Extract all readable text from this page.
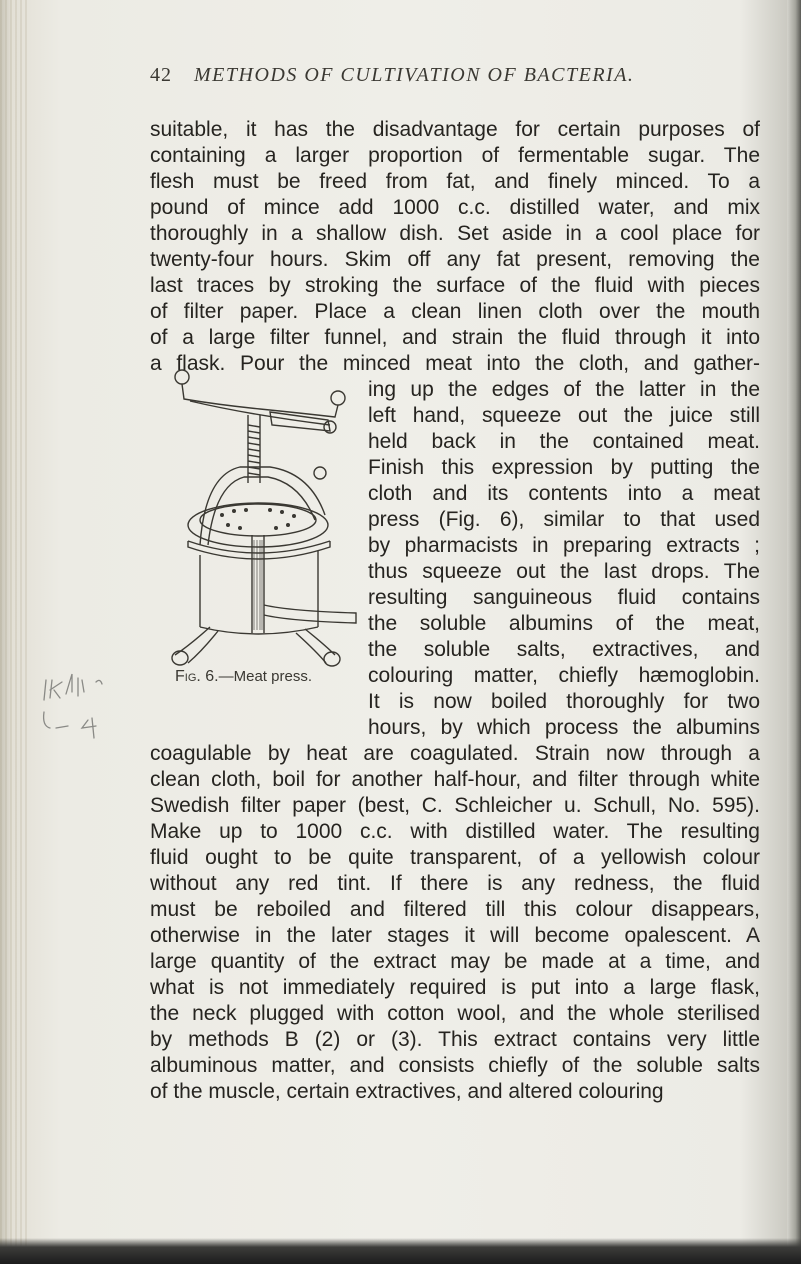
42 METHODS OF CULTIVATION OF BACTERIA.
suitable, it has the disadvantage for certain purposes of
containing a larger proportion of fermentable sugar. The
flesh must be freed from fat, and finely minced. To a
pound of mince add 1000 c.c. distilled water, and mix
thoroughly in a shallow dish. Set aside in a cool place for
twenty-four hours. Skim off any fat present, removing the
last traces by stroking the surface of the fluid with pieces
of filter paper. Place a clean linen cloth over the mouth
of a large filter funnel, and strain the fluid through it into
a flask. Pour the minced meat into the cloth, and gather-
ing up the edges of the latter in the
left hand, squeeze out the juice still
held back in the contained meat.
Finish this expression by putting the
cloth and its contents into a meat
press (Fig. 6), similar to that used
by pharmacists in preparing extracts ;
thus squeeze out the last drops. The
resulting sanguineous fluid contains
the soluble albumins of the meat,
the soluble salts, extractives, and
colouring matter, chiefly hæmoglobin.
It is now boiled thoroughly for two
hours, by which process the albumins
coagulable by heat are coagulated. Strain now through a
clean cloth, boil for another half-hour, and filter through white
Swedish filter paper (best, C. Schleicher u. Schull, No. 595).
Make up to 1000 c.c. with distilled water. The resulting
fluid ought to be quite transparent, of a yellowish colour
without any red tint. If there is any redness, the fluid
must be reboiled and filtered till this colour disappears,
otherwise in the later stages it will become opalescent. A
large quantity of the extract may be made at a time, and
what is not immediately required is put into a large flask,
the neck plugged with cotton wool, and the whole sterilised
by methods B (2) or (3). This extract contains very little
albuminous matter, and consists chiefly of the soluble salts
of the muscle, certain extractives, and altered colouring
Fig. 6.—Meat press.
